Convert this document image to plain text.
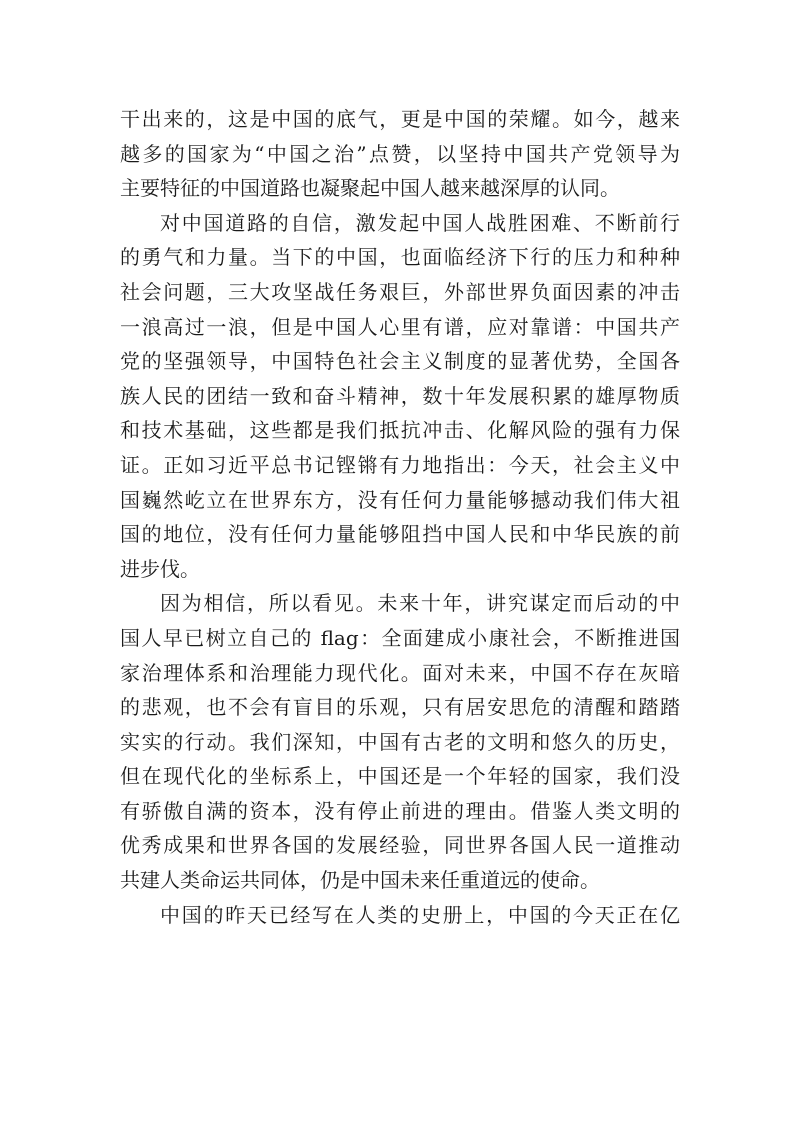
干出来的，这是中国的底气，更是中国的荣耀。如今，越来
越多的国家为“中国之治”点赞，以坚持中国共产党领导为
主要特征的中国道路也凝聚起中国人越来越深厚的认同。
对中国道路的自信，激发起中国人战胜困难、不断前行
的勇气和力量。当下的中国，也面临经济下行的压力和种种
社会问题，三大攻坚战任务艰巨，外部世界负面因素的冲击
一浪高过一浪，但是中国人心里有谱，应对靠谱：中国共产
党的坚强领导，中国特色社会主义制度的显著优势，全国各
族人民的团结一致和奋斗精神，数十年发展积累的雄厚物质
和技术基础，这些都是我们抵抗冲击、化解风险的强有力保
证。正如习近平总书记铿锵有力地指出：今天，社会主义中
国巍然屹立在世界东方，没有任何力量能够撼动我们伟大祖
国的地位，没有任何力量能够阻挡中国人民和中华民族的前
进步伐。
因为相信，所以看见。未来十年，讲究谋定而后动的中
国人早已树立自己的 flag：全面建成小康社会，不断推进国
家治理体系和治理能力现代化。面对未来，中国不存在灰暗
的悲观，也不会有盲目的乐观，只有居安思危的清醒和踏踏
实实的行动。我们深知，中国有古老的文明和悠久的历史，
但在现代化的坐标系上，中国还是一个年轻的国家，我们没
有骄傲自满的资本，没有停止前进的理由。借鉴人类文明的
优秀成果和世界各国的发展经验，同世界各国人民一道推动
共建人类命运共同体，仍是中国未来任重道远的使命。
中国的昨天已经写在人类的史册上，中国的今天正在亿
